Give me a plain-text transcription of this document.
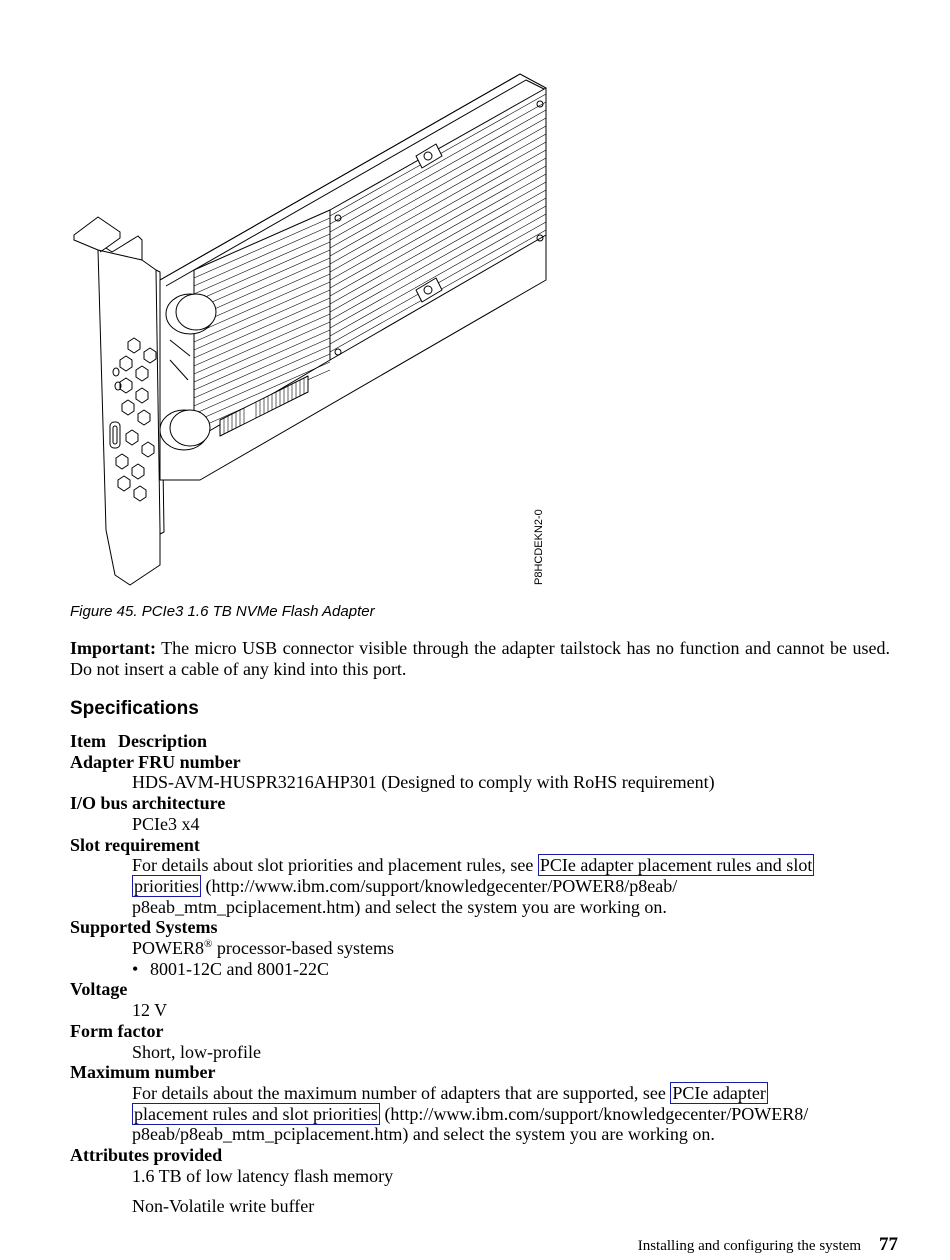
P8HCDEKN2-0
Figure 45. PCIe3 1.6 TB NVMe Flash Adapter
Important: The micro USB connector visible through the adapter tailstock has no function and cannot be used. Do not insert a cable of any kind into this port.
Specifications
Item Description
Adapter FRU number
HDS-AVM-HUSPR3216AHP301 (Designed to comply with RoHS requirement)
I/O bus architecture
PCIe3 x4
Slot requirement
For details about slot priorities and placement rules, see PCIe adapter placement rules and slot
priorities (http://www.ibm.com/support/knowledgecenter/POWER8/p8eab/
p8eab_mtm_pciplacement.htm) and select the system you are working on.
Supported Systems
POWER8® processor-based systems
• 8001-12C and 8001-22C
Voltage
12 V
Form factor
Short, low-profile
Maximum number
For details about the maximum number of adapters that are supported, see PCIe adapter
placement rules and slot priorities (http://www.ibm.com/support/knowledgecenter/POWER8/
p8eab/p8eab_mtm_pciplacement.htm) and select the system you are working on.
Attributes provided
1.6 TB of low latency flash memory
Non-Volatile write buffer
Installing and configuring the system 77
